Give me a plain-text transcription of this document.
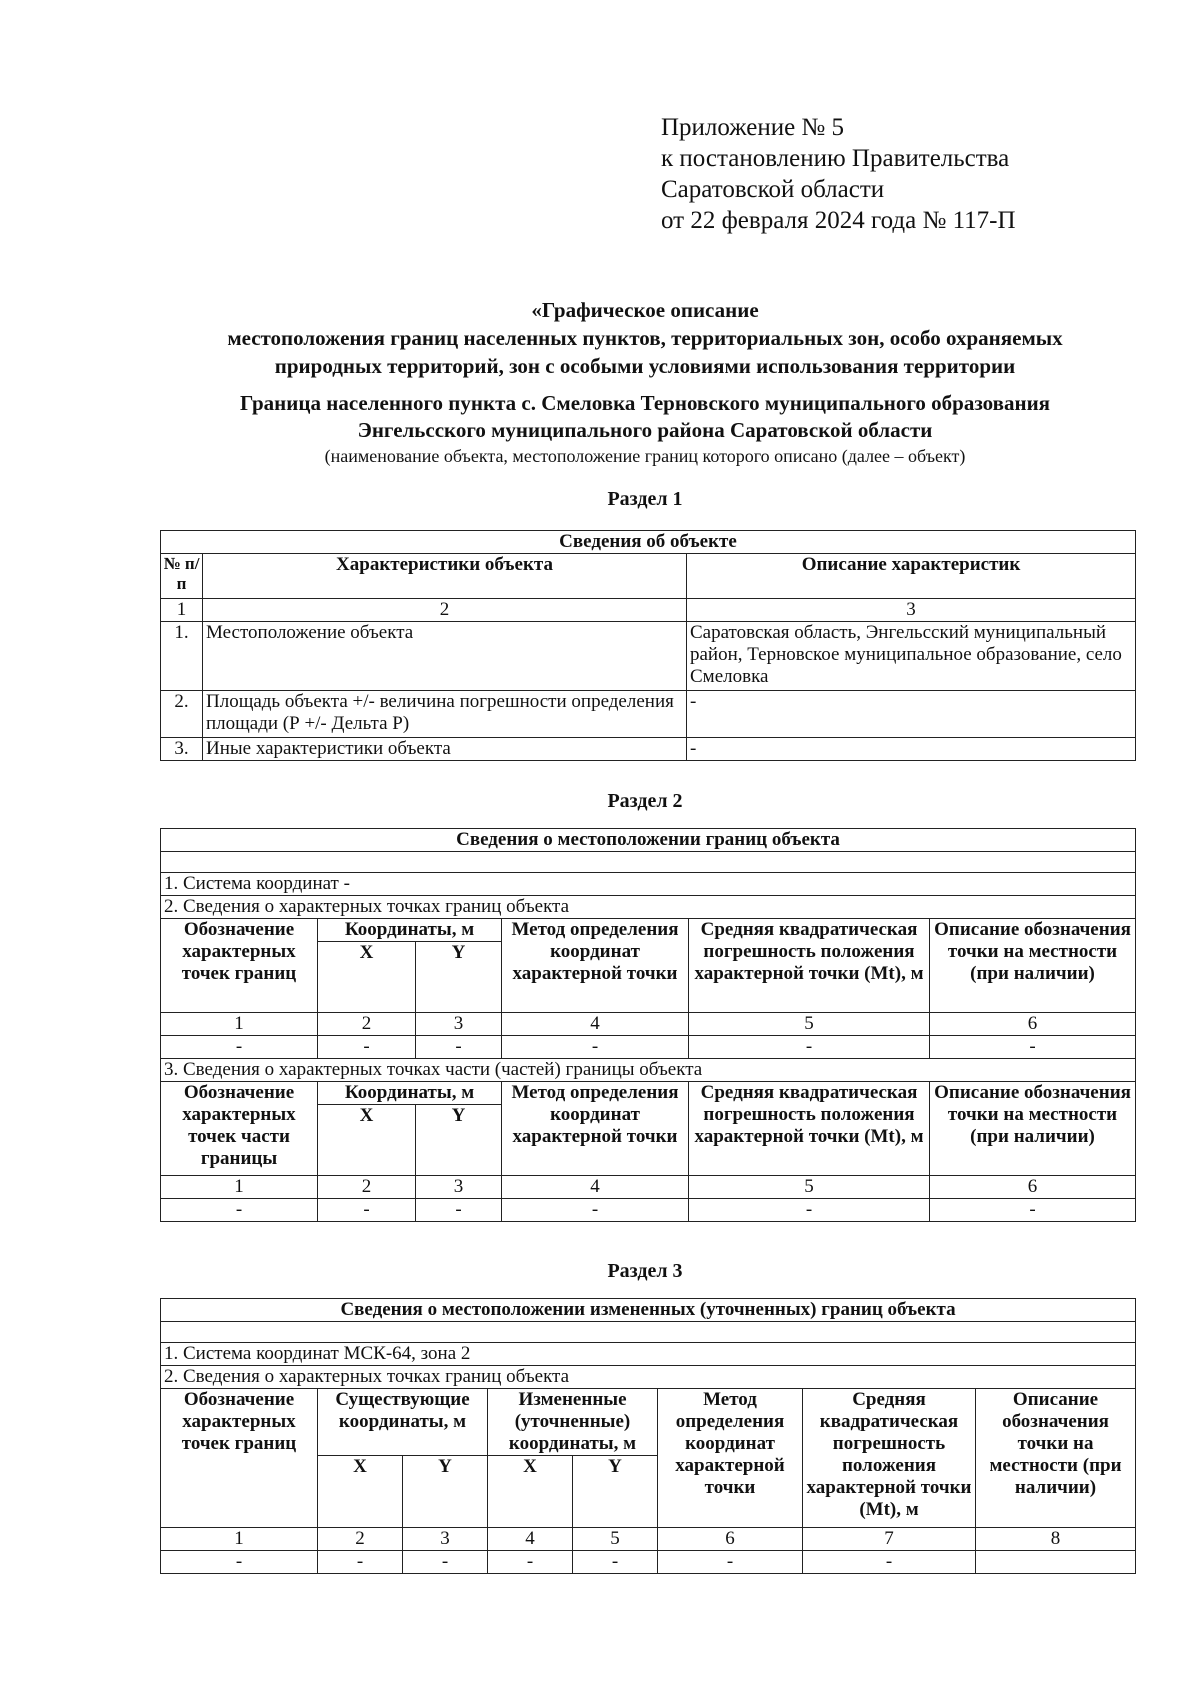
Приложение № 5
к постановлению Правительства
Саратовской области
от 22 февраля 2024 года № 117-П
«Графическое описание
местоположения границ населенных пунктов, территориальных зон, особо охраняемых
природных территорий, зон с особыми условиями использования территории
Граница населенного пункта с. Смеловка Терновского муниципального образования
Энгельсского муниципального района Саратовской области
(наименование объекта, местоположение границ которого описано (далее – объект)
Раздел 1
Сведения об объекте		
№ п/п	Характеристики объекта	Описание характеристик
1	2	3
1.	Местоположение объекта	Саратовская область, Энгельсский муниципальный район, Терновское муниципальное образование, село Смеловка
2.	Площадь объекта +/- величина погрешности определения площади (Р +/- Дельта Р)	-
3.	Иные характеристики объекта	-
Раздел 2
Сведения о местоположении границ объекта					

1. Система координат -					
2. Сведения о характерных точках границ объекта					
Обозначение характерных точек границ	Координаты, м		Метод определения координат характерной точки	Средняя квадратическая погрешность положения характерной точки (Mt), м	Описание обозначения точки на местности (при наличии)
	X	Y			
1	2	3	4	5	6
-	-	-	-	-	-
3. Сведения о характерных точках части (частей) границы объекта					
Обозначение характерных точек части границы	Координаты, м		Метод определения координат характерной точки	Средняя квадратическая погрешность положения характерной точки (Mt), м	Описание обозначения точки на местности (при наличии)
	X	Y			
1	2	3	4	5	6
-	-	-	-	-	-
Раздел 3
Сведения о местоположении измененных (уточненных) границ объекта							

1. Система координат МСК-64, зона 2							
2. Сведения о характерных точках границ объекта							
Обозначение характерных точек границ	Существующие координаты, м		Измененные (уточненные) координаты, м		Метод определения координат характерной точки	Средняя квадратическая погрешность положения характерной точки (Mt), м	Описание обозначения точки на местности (при наличии)
	X	Y	X	Y			
1	2	3	4	5	6	7	8
-	-	-	-	-	-	-	
